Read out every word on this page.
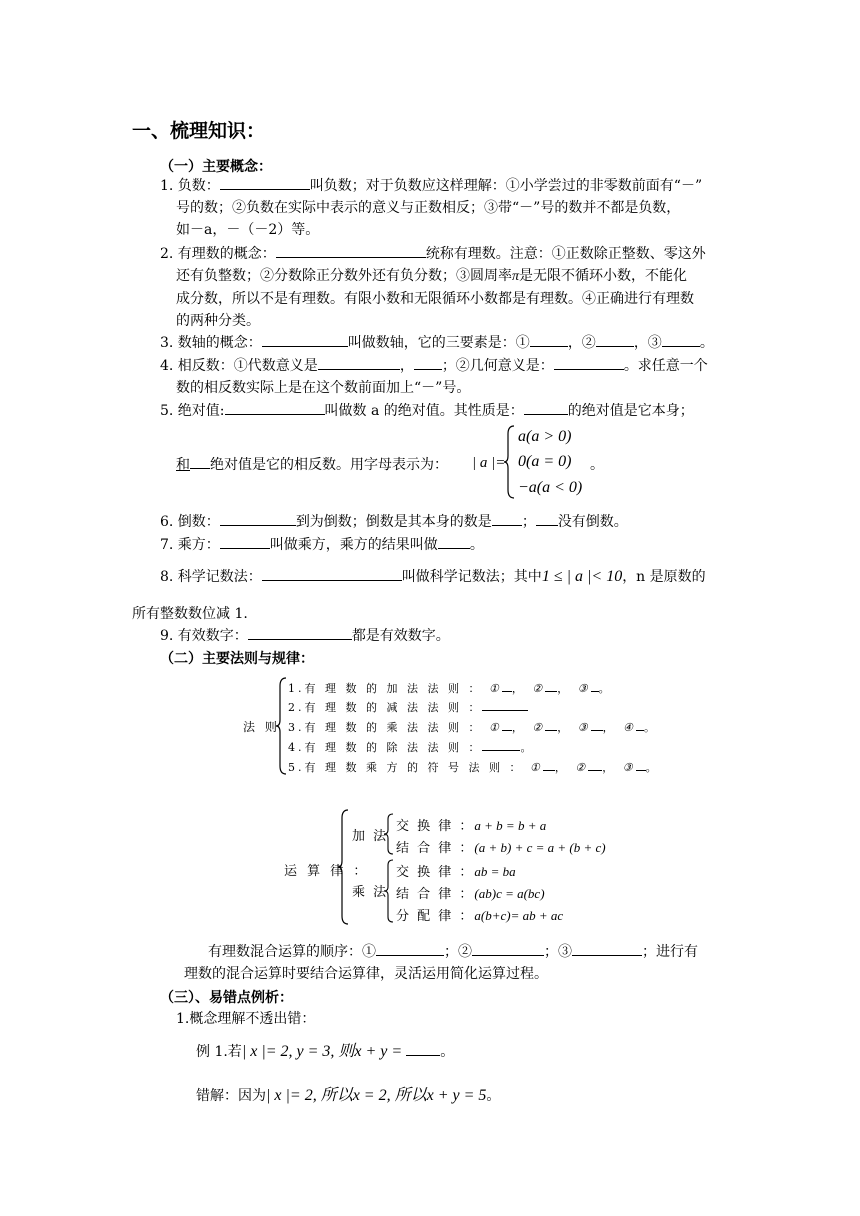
一、梳理知识：
（一）主要概念：
1. 负数：	叫负数；对于负数应这样理解：①小学尝过的非零数前面有“－”
号的数；②负数在实际中表示的意义与正数相反；③带“－”号的数并不都是负数，
如－a，－（－2）等。
2. 有理数的概念：	统称有理数。注意：①正数除正整数、零这外
还有负整数；②分数除正分数外还有负分数；③圆周率π是无限不循环小数，不能化
成分数，所以不是有理数。有限小数和无限循环小数都是有理数。④正确进行有理数
的两种分类。
3. 数轴的概念：	叫做数轴，它的三要素是：①	，②	，③	。
4. 相反数：①代数意义是	， ；②几何意义是：	。求任意一个
数的相反数实际上是在这个数前面加上“－”号。
5. 绝对值:	叫做数 a 的绝对值。其性质是：	的绝对值是它本身；
和 绝对值是它的相反数。用字母表示为： | a |=
a(a > 0)
0(a = 0)
−a(a < 0)
。
6. 倒数：	到为倒数；倒数是其本身的数是 ； 没有倒数。
7. 乘方：	叫做乘方，乘方的结果叫做 。
8. 科学记数法：	叫做科学记数法；其中1 ≤ | a |< 10，n 是原数的
所有整数数位减 1.
9. 有效数字：	都是有效数字。
（二）主要法则与规律：
法 则
1.有 理 数 的 加 法 法 则 ： ① ， ② ， ③ 。
2.有 理 数 的 减 法 法 则 ：
3.有 理 数 的 乘 法 法 则 ： ① ， ② ， ③ ， ④ 。
4.有 理 数 的 除 法 法 则 ：	。
5.有 理 数 乘 方 的 符 号 法 则 ： ① ， ② ， ③ 。
运 算 律 ：
加 法
交 换 律 ：a + b = b + a
结 合 律 ：(a + b) + c = a + (b + c)
乘 法
交 换 律 ：ab = ba
结 合 律 ：(ab)c = a(bc)
分 配 律 ：a(b+c)= ab + ac
有理数混合运算的顺序：①	；②	；③	；进行有
理数的混合运算时要结合运算律，灵活运用简化运算过程。
（三）、易错点例析：
1.概念理解不透出错：
例 1.若| x |= 2, y = 3, 则x + y =	。
错解：因为| x |= 2, 所以x = 2, 所以x + y = 5。
